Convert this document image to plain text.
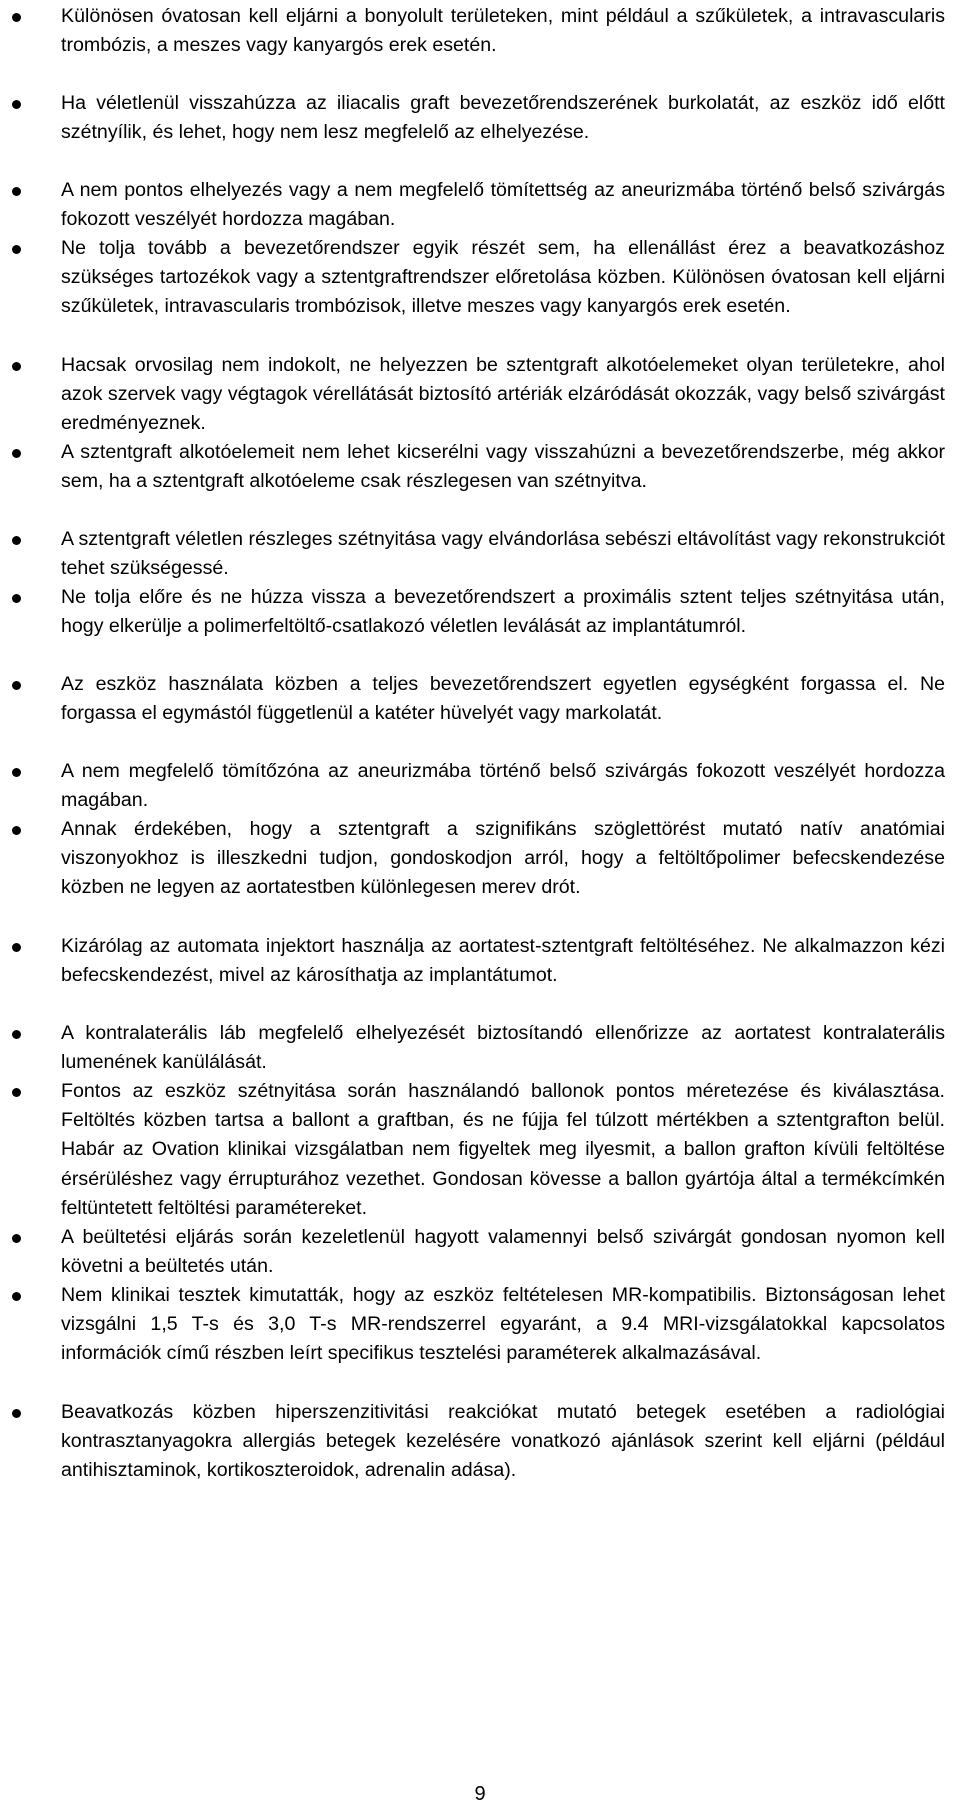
Különösen óvatosan kell eljárni a bonyolult területeken, mint például a szűkületek, a intravascularis trombózis, a meszes vagy kanyargós erek esetén.

Ha véletlenül visszahúzza az iliacalis graft bevezetőrendszerének burkolatát, az eszköz idő előtt szétnyílik, és lehet, hogy nem lesz megfelelő az elhelyezése.

A nem pontos elhelyezés vagy a nem megfelelő tömítettség az aneurizmába történő belső szivárgás fokozott veszélyét hordozza magában.

Ne tolja tovább a bevezetőrendszer egyik részét sem, ha ellenállást érez a beavatkozáshoz szükséges tartozékok vagy a sztentgraftrendszer előretolása közben. Különösen óvatosan kell eljárni szűkületek, intravascularis trombózisok, illetve meszes vagy kanyargós erek esetén.

Hacsak orvosilag nem indokolt, ne helyezzen be sztentgraft alkotóelemeket olyan területekre, ahol azok szervek vagy végtagok vérellátását biztosító artériák elzáródását okozzák, vagy belső szivárgást eredményeznek.

A sztentgraft alkotóelemeit nem lehet kicserélni vagy visszahúzni a bevezetőrendszerbe, még akkor sem, ha a sztentgraft alkotóeleme csak részlegesen van szétnyitva.

A sztentgraft véletlen részleges szétnyitása vagy elvándorlása sebészi eltávolítást vagy rekonstrukciót tehet szükségessé.

Ne tolja előre és ne húzza vissza a bevezetőrendszert a proximális sztent teljes szétnyitása után, hogy elkerülje a polimerfeltöltő-csatlakozó véletlen leválását az implantátumról.

Az eszköz használata közben a teljes bevezetőrendszert egyetlen egységként forgassa el. Ne forgassa el egymástól függetlenül a katéter hüvelyét vagy markolatát.

A nem megfelelő tömítőzóna az aneurizmába történő belső szivárgás fokozott veszélyét hordozza magában.

Annak érdekében, hogy a sztentgraft a szignifikáns szöglettörést mutató natív anatómiai viszonyokhoz is illeszkedni tudjon, gondoskodjon arról, hogy a feltöltőpolimer befecskendezése közben ne legyen az aortatestben különlegesen merev drót.

Kizárólag az automata injektort használja az aortatest-sztentgraft feltöltéséhez. Ne alkalmazzon kézi befecskendezést, mivel az károsíthatja az implantátumot.

A kontralaterális láb megfelelő elhelyezését biztosítandó ellenőrizze az aortatest kontralaterális lumenének kanülálását.

Fontos az eszköz szétnyitása során használandó ballonok pontos méretezése és kiválasztása. Feltöltés közben tartsa a ballont a graftban, és ne fújja fel túlzott mértékben a sztentgrafton belül. Habár az Ovation klinikai vizsgálatban nem figyeltek meg ilyesmit, a ballon grafton kívüli feltöltése érsérüléshez vagy érrupturához vezethet. Gondosan kövesse a ballon gyártója által a termékcímkén feltüntetett feltöltési paramétereket.

A beültetési eljárás során kezeletlenül hagyott valamennyi belső szivárgát gondosan nyomon kell követni a beültetés után.

Nem klinikai tesztek kimutatták, hogy az eszköz feltételesen MR-kompatibilis. Biztonságosan lehet vizsgálni 1,5 T-s és 3,0 T-s MR-rendszerrel egyaránt, a 9.4 MRI-vizsgálatokkal kapcsolatos információk című részben leírt specifikus tesztelési paraméterek alkalmazásával.

Beavatkozás közben hiperszenzitivitási reakciókat mutató betegek esetében a radiológiai kontrasztanyagokra allergiás betegek kezelésére vonatkozó ajánlások szerint kell eljárni (például antihisztaminok, kortikoszteroidok, adrenalin adása).

9
